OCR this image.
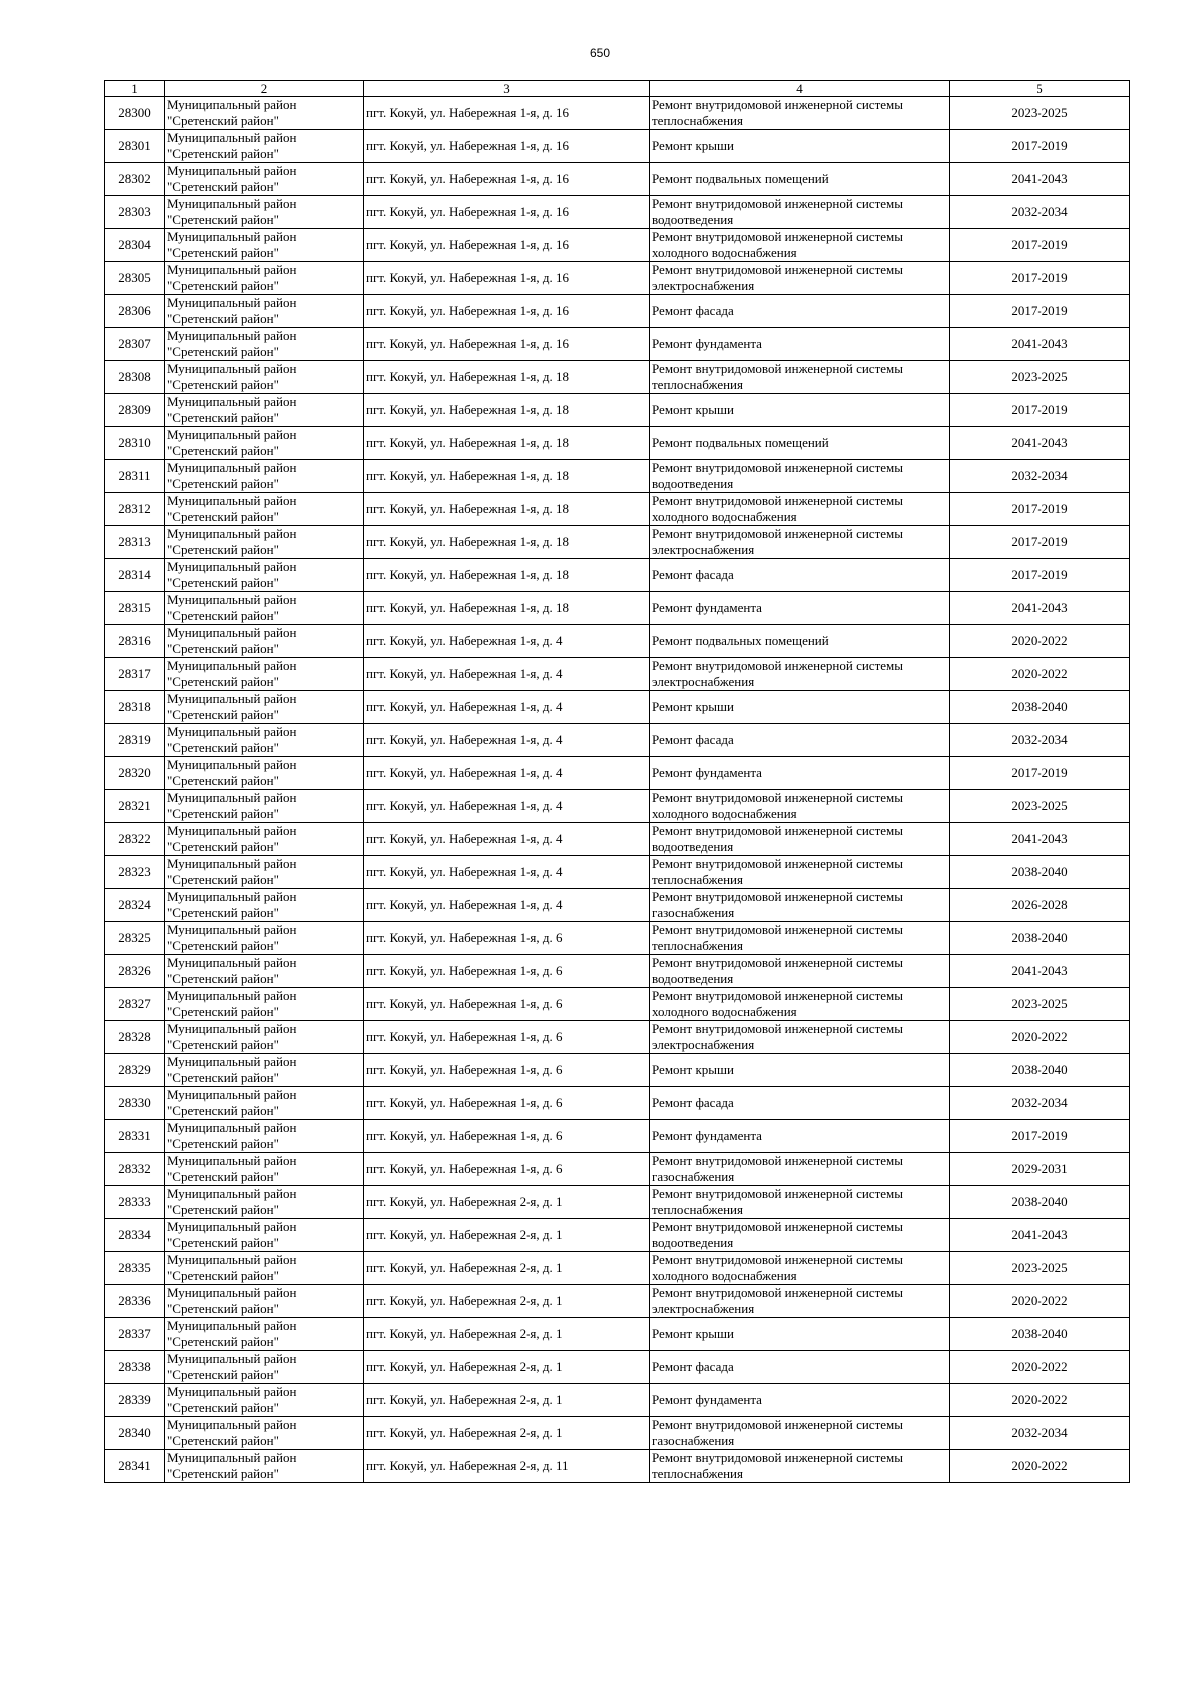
650
1	2	3	4	5
28300	Муниципальный район
"Сретенский район"	пгт. Кокуй, ул. Набережная 1-я, д. 16	Ремонт внутридомовой инженерной системы
теплоснабжения	2023-2025
28301	Муниципальный район
"Сретенский район"	пгт. Кокуй, ул. Набережная 1-я, д. 16	Ремонт крыши	2017-2019
28302	Муниципальный район
"Сретенский район"	пгт. Кокуй, ул. Набережная 1-я, д. 16	Ремонт подвальных помещений	2041-2043
28303	Муниципальный район
"Сретенский район"	пгт. Кокуй, ул. Набережная 1-я, д. 16	Ремонт внутридомовой инженерной системы
водоотведения	2032-2034
28304	Муниципальный район
"Сретенский район"	пгт. Кокуй, ул. Набережная 1-я, д. 16	Ремонт внутридомовой инженерной системы
холодного водоснабжения	2017-2019
28305	Муниципальный район
"Сретенский район"	пгт. Кокуй, ул. Набережная 1-я, д. 16	Ремонт внутридомовой инженерной системы
электроснабжения	2017-2019
28306	Муниципальный район
"Сретенский район"	пгт. Кокуй, ул. Набережная 1-я, д. 16	Ремонт фасада	2017-2019
28307	Муниципальный район
"Сретенский район"	пгт. Кокуй, ул. Набережная 1-я, д. 16	Ремонт фундамента	2041-2043
28308	Муниципальный район
"Сретенский район"	пгт. Кокуй, ул. Набережная 1-я, д. 18	Ремонт внутридомовой инженерной системы
теплоснабжения	2023-2025
28309	Муниципальный район
"Сретенский район"	пгт. Кокуй, ул. Набережная 1-я, д. 18	Ремонт крыши	2017-2019
28310	Муниципальный район
"Сретенский район"	пгт. Кокуй, ул. Набережная 1-я, д. 18	Ремонт подвальных помещений	2041-2043
28311	Муниципальный район
"Сретенский район"	пгт. Кокуй, ул. Набережная 1-я, д. 18	Ремонт внутридомовой инженерной системы
водоотведения	2032-2034
28312	Муниципальный район
"Сретенский район"	пгт. Кокуй, ул. Набережная 1-я, д. 18	Ремонт внутридомовой инженерной системы
холодного водоснабжения	2017-2019
28313	Муниципальный район
"Сретенский район"	пгт. Кокуй, ул. Набережная 1-я, д. 18	Ремонт внутридомовой инженерной системы
электроснабжения	2017-2019
28314	Муниципальный район
"Сретенский район"	пгт. Кокуй, ул. Набережная 1-я, д. 18	Ремонт фасада	2017-2019
28315	Муниципальный район
"Сретенский район"	пгт. Кокуй, ул. Набережная 1-я, д. 18	Ремонт фундамента	2041-2043
28316	Муниципальный район
"Сретенский район"	пгт. Кокуй, ул. Набережная 1-я, д. 4	Ремонт подвальных помещений	2020-2022
28317	Муниципальный район
"Сретенский район"	пгт. Кокуй, ул. Набережная 1-я, д. 4	Ремонт внутридомовой инженерной системы
электроснабжения	2020-2022
28318	Муниципальный район
"Сретенский район"	пгт. Кокуй, ул. Набережная 1-я, д. 4	Ремонт крыши	2038-2040
28319	Муниципальный район
"Сретенский район"	пгт. Кокуй, ул. Набережная 1-я, д. 4	Ремонт фасада	2032-2034
28320	Муниципальный район
"Сретенский район"	пгт. Кокуй, ул. Набережная 1-я, д. 4	Ремонт фундамента	2017-2019
28321	Муниципальный район
"Сретенский район"	пгт. Кокуй, ул. Набережная 1-я, д. 4	Ремонт внутридомовой инженерной системы
холодного водоснабжения	2023-2025
28322	Муниципальный район
"Сретенский район"	пгт. Кокуй, ул. Набережная 1-я, д. 4	Ремонт внутридомовой инженерной системы
водоотведения	2041-2043
28323	Муниципальный район
"Сретенский район"	пгт. Кокуй, ул. Набережная 1-я, д. 4	Ремонт внутридомовой инженерной системы
теплоснабжения	2038-2040
28324	Муниципальный район
"Сретенский район"	пгт. Кокуй, ул. Набережная 1-я, д. 4	Ремонт внутридомовой инженерной системы
газоснабжения	2026-2028
28325	Муниципальный район
"Сретенский район"	пгт. Кокуй, ул. Набережная 1-я, д. 6	Ремонт внутридомовой инженерной системы
теплоснабжения	2038-2040
28326	Муниципальный район
"Сретенский район"	пгт. Кокуй, ул. Набережная 1-я, д. 6	Ремонт внутридомовой инженерной системы
водоотведения	2041-2043
28327	Муниципальный район
"Сретенский район"	пгт. Кокуй, ул. Набережная 1-я, д. 6	Ремонт внутридомовой инженерной системы
холодного водоснабжения	2023-2025
28328	Муниципальный район
"Сретенский район"	пгт. Кокуй, ул. Набережная 1-я, д. 6	Ремонт внутридомовой инженерной системы
электроснабжения	2020-2022
28329	Муниципальный район
"Сретенский район"	пгт. Кокуй, ул. Набережная 1-я, д. 6	Ремонт крыши	2038-2040
28330	Муниципальный район
"Сретенский район"	пгт. Кокуй, ул. Набережная 1-я, д. 6	Ремонт фасада	2032-2034
28331	Муниципальный район
"Сретенский район"	пгт. Кокуй, ул. Набережная 1-я, д. 6	Ремонт фундамента	2017-2019
28332	Муниципальный район
"Сретенский район"	пгт. Кокуй, ул. Набережная 1-я, д. 6	Ремонт внутридомовой инженерной системы
газоснабжения	2029-2031
28333	Муниципальный район
"Сретенский район"	пгт. Кокуй, ул. Набережная 2-я, д. 1	Ремонт внутридомовой инженерной системы
теплоснабжения	2038-2040
28334	Муниципальный район
"Сретенский район"	пгт. Кокуй, ул. Набережная 2-я, д. 1	Ремонт внутридомовой инженерной системы
водоотведения	2041-2043
28335	Муниципальный район
"Сретенский район"	пгт. Кокуй, ул. Набережная 2-я, д. 1	Ремонт внутридомовой инженерной системы
холодного водоснабжения	2023-2025
28336	Муниципальный район
"Сретенский район"	пгт. Кокуй, ул. Набережная 2-я, д. 1	Ремонт внутридомовой инженерной системы
электроснабжения	2020-2022
28337	Муниципальный район
"Сретенский район"	пгт. Кокуй, ул. Набережная 2-я, д. 1	Ремонт крыши	2038-2040
28338	Муниципальный район
"Сретенский район"	пгт. Кокуй, ул. Набережная 2-я, д. 1	Ремонт фасада	2020-2022
28339	Муниципальный район
"Сретенский район"	пгт. Кокуй, ул. Набережная 2-я, д. 1	Ремонт фундамента	2020-2022
28340	Муниципальный район
"Сретенский район"	пгт. Кокуй, ул. Набережная 2-я, д. 1	Ремонт внутридомовой инженерной системы
газоснабжения	2032-2034
28341	Муниципальный район
"Сретенский район"	пгт. Кокуй, ул. Набережная 2-я, д. 11	Ремонт внутридомовой инженерной системы
теплоснабжения	2020-2022
